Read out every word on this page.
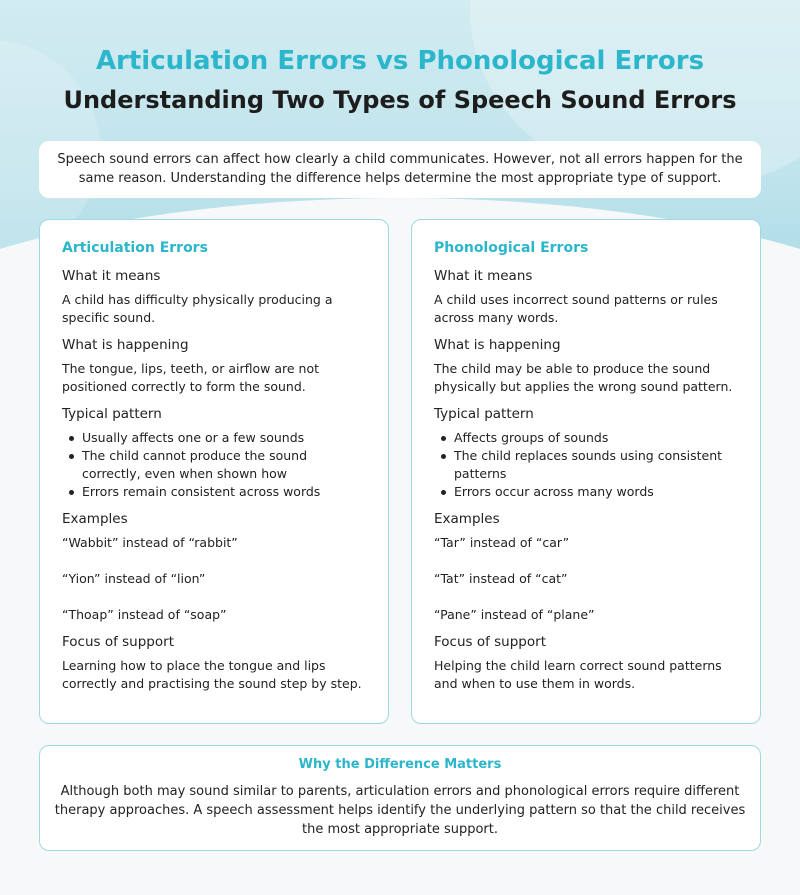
Articulation Errors vs Phonological Errors
Understanding Two Types of Speech Sound Errors

Speech sound errors can affect how clearly a child communicates. However, not all errors happen for the same reason. Understanding the difference helps determine the most appropriate type of support.

Articulation Errors
What it means
A child has difficulty physically producing a specific sound.
What is happening
The tongue, lips, teeth, or airflow are not positioned correctly to form the sound.
Typical pattern
Usually affects one or a few sounds
The child cannot produce the sound correctly, even when shown how
Errors remain consistent across words
Examples
“Wabbit” instead of “rabbit”
“Yion” instead of “lion”
“Thoap” instead of “soap”
Focus of support
Learning how to place the tongue and lips correctly and practising the sound step by step.
Phonological Errors
What it means
A child uses incorrect sound patterns or rules across many words.
What is happening
The child may be able to produce the sound physically but applies the wrong sound pattern.
Typical pattern
Affects groups of sounds
The child replaces sounds using consistent patterns
Errors occur across many words
Examples
“Tar” instead of “car”
“Tat” instead of “cat”
“Pane” instead of “plane”
Focus of support
Helping the child learn correct sound patterns and when to use them in words.
Why the Difference Matters

Although both may sound similar to parents, articulation errors and phonological errors require different therapy approaches. A speech assessment helps identify the underlying pattern so that the child receives the most appropriate support.
